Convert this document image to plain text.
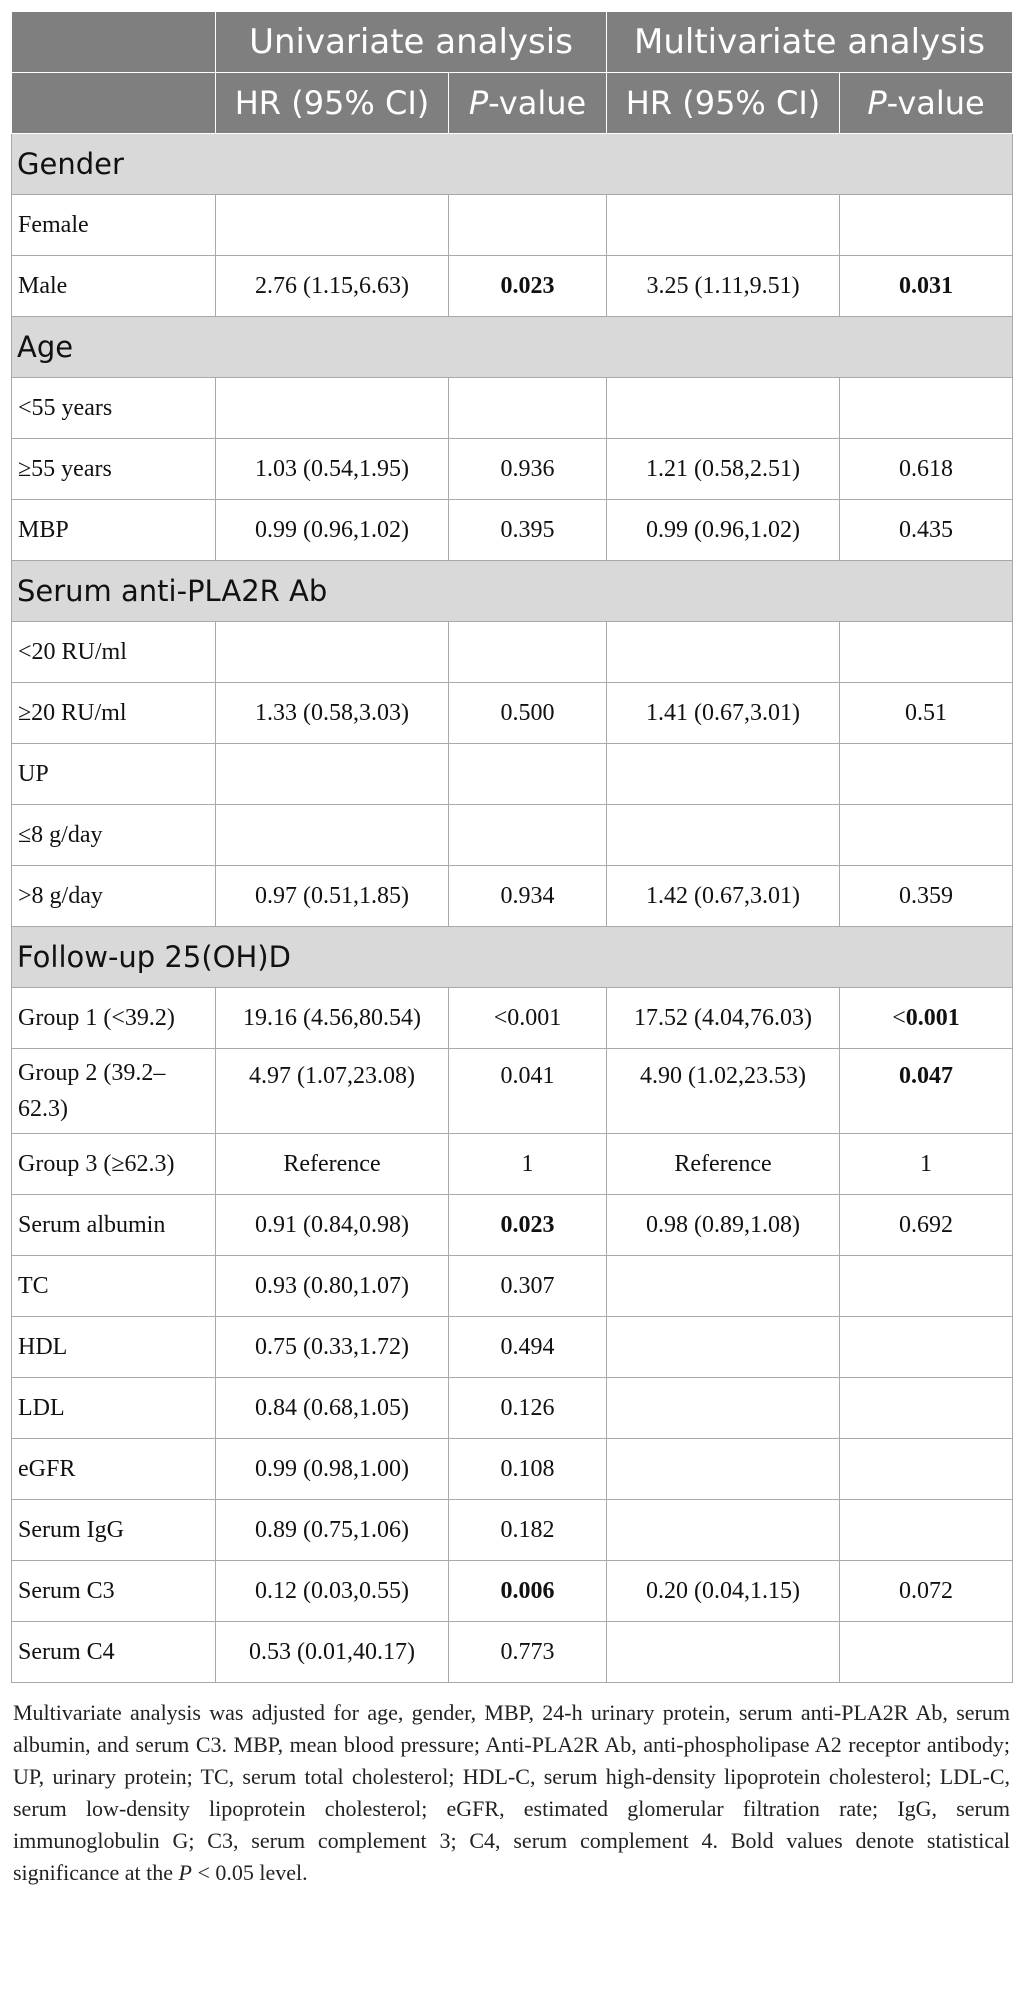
	Univariate analysis		Multivariate analysis	
	HR (95% CI)	P-value	HR (95% CI)	P-value
Gender				
Female				
Male	2.76 (1.15,6.63)	0.023	3.25 (1.11,9.51)	0.031
Age				
<55 years				
≥55 years	1.03 (0.54,1.95)	0.936	1.21 (0.58,2.51)	0.618
MBP	0.99 (0.96,1.02)	0.395	0.99 (0.96,1.02)	0.435
Serum anti-PLA2R Ab				
<20 RU/ml				
≥20 RU/ml	1.33 (0.58,3.03)	0.500	1.41 (0.67,3.01)	0.51
UP				
≤8 g/day				
>8 g/day	0.97 (0.51,1.85)	0.934	1.42 (0.67,3.01)	0.359
Follow-up 25(OH)D				
Group 1 (<39.2)	19.16 (4.56,80.54)	<0.001	17.52 (4.04,76.03)	<0.001
Group 2 (39.2–62.3)	4.97 (1.07,23.08)	0.041	4.90 (1.02,23.53)	0.047
Group 3 (≥62.3)	Reference	1	Reference	1
Serum albumin	0.91 (0.84,0.98)	0.023	0.98 (0.89,1.08)	0.692
TC	0.93 (0.80,1.07)	0.307		
HDL	0.75 (0.33,1.72)	0.494		
LDL	0.84 (0.68,1.05)	0.126		
eGFR	0.99 (0.98,1.00)	0.108		
Serum IgG	0.89 (0.75,1.06)	0.182		
Serum C3	0.12 (0.03,0.55)	0.006	0.20 (0.04,1.15)	0.072
Serum C4	0.53 (0.01,40.17)	0.773		
Multivariate analysis was adjusted for age, gender, MBP, 24-h urinary protein, serum anti-PLA2R Ab, serum albumin, and serum C3. MBP, mean blood pressure; Anti-PLA2R Ab, anti-phospholipase A2 receptor antibody; UP, urinary protein; TC, serum total cholesterol; HDL-C, serum high-density lipoprotein cholesterol; LDL-C, serum low-density lipoprotein cholesterol; eGFR, estimated glomerular filtration rate; IgG, serum immunoglobulin G; C3, serum complement 3; C4, serum complement 4. Bold values denote statistical significance at the P < 0.05 level.
